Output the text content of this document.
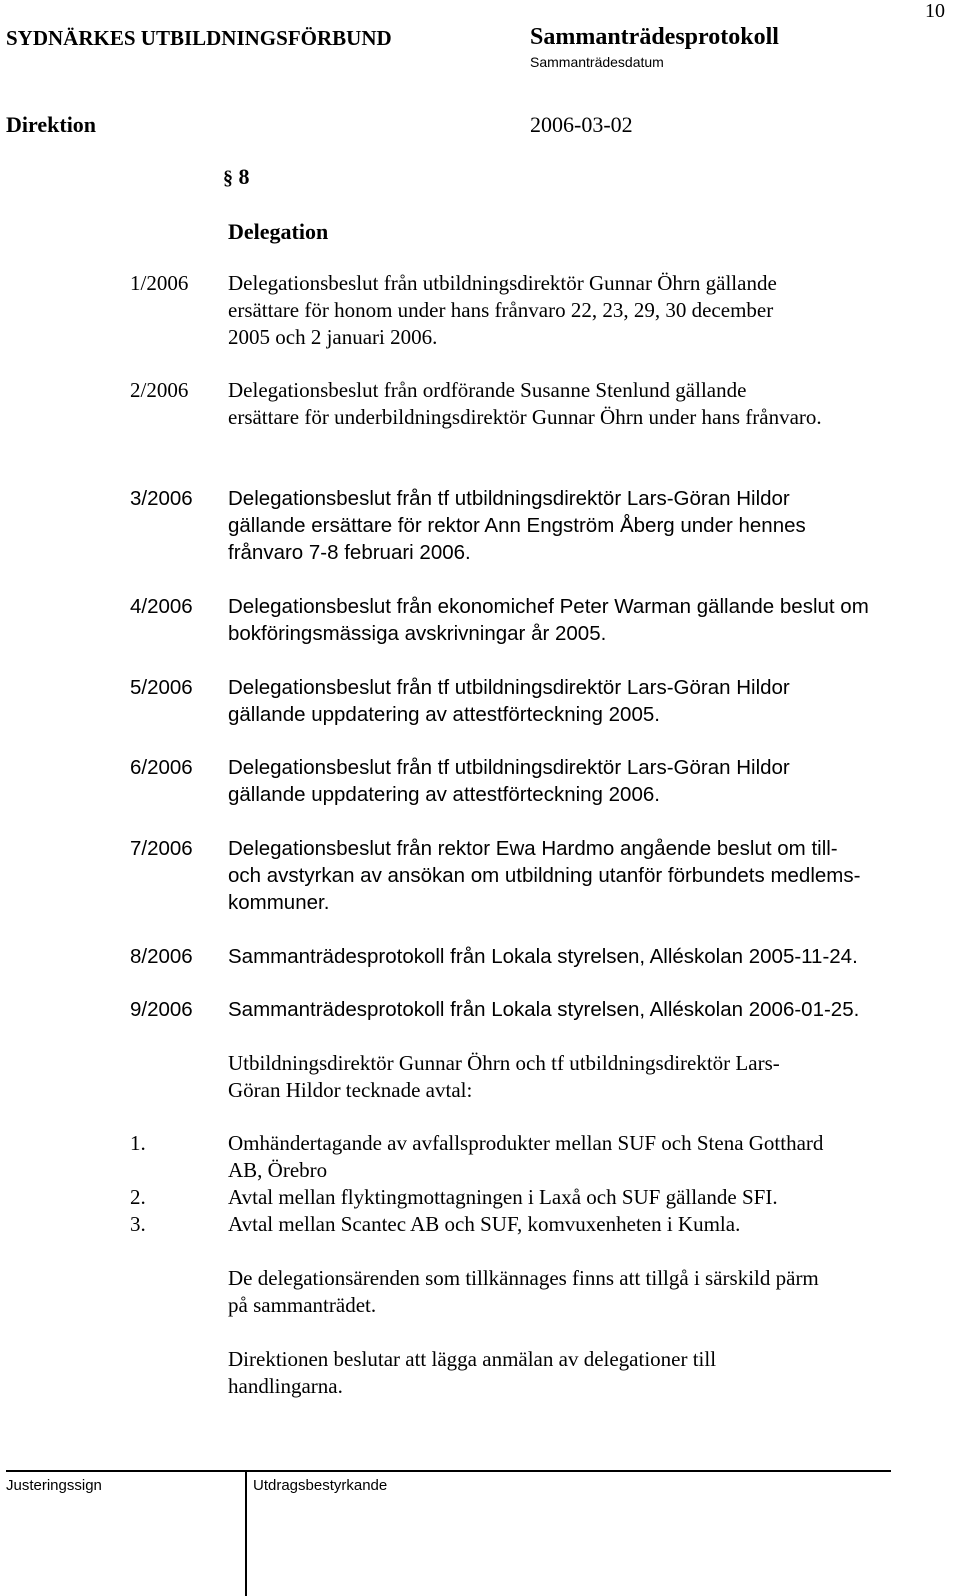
SYDNÄRKES UTBILDNINGSFÖRBUND	Sammanträdesprotokoll
Sammanträdesdatum
10
Direktion	2006-03-02
§ 8
Delegation
1/2006 Delegationsbeslut från utbildningsdirektör Gunnar Öhrn gällande
ersättare för honom under hans frånvaro 22, 23, 29, 30 december
2005 och 2 januari 2006.
2/2006 Delegationsbeslut från ordförande Susanne Stenlund gällande
ersättare för underbildningsdirektör Gunnar Öhrn under hans frånvaro.
3/2006 Delegationsbeslut från tf utbildningsdirektör Lars-Göran Hildor
gällande ersättare för rektor Ann Engström Åberg under hennes
frånvaro 7-8 februari 2006.
4/2006 Delegationsbeslut från ekonomichef Peter Warman gällande beslut om
bokföringsmässiga avskrivningar år 2005.
5/2006 Delegationsbeslut från tf utbildningsdirektör Lars-Göran Hildor
gällande uppdatering av attestförteckning 2005.
6/2006 Delegationsbeslut från tf utbildningsdirektör Lars-Göran Hildor
gällande uppdatering av attestförteckning 2006.
7/2006 Delegationsbeslut från rektor Ewa Hardmo angående beslut om till-
och avstyrkan av ansökan om utbildning utanför förbundets medlems-
kommuner.
8/2006 Sammanträdesprotokoll från Lokala styrelsen, Alléskolan 2005-11-24.
9/2006 Sammanträdesprotokoll från Lokala styrelsen, Alléskolan 2006-01-25.
Utbildningsdirektör Gunnar Öhrn och tf utbildningsdirektör Lars-
Göran Hildor tecknade avtal:
1.	Omhändertagande av avfallsprodukter mellan SUF och Stena Gotthard
AB, Örebro
2.	Avtal mellan flyktingmottagningen i Laxå och SUF gällande SFI.
3.	Avtal mellan Scantec AB och SUF, komvuxenheten i Kumla.
De delegationsärenden som tillkännages finns att tillgå i särskild pärm
på sammanträdet.
Direktionen beslutar att lägga anmälan av delegationer till
handlingarna.
Justeringssign	Utdragsbestyrkande
